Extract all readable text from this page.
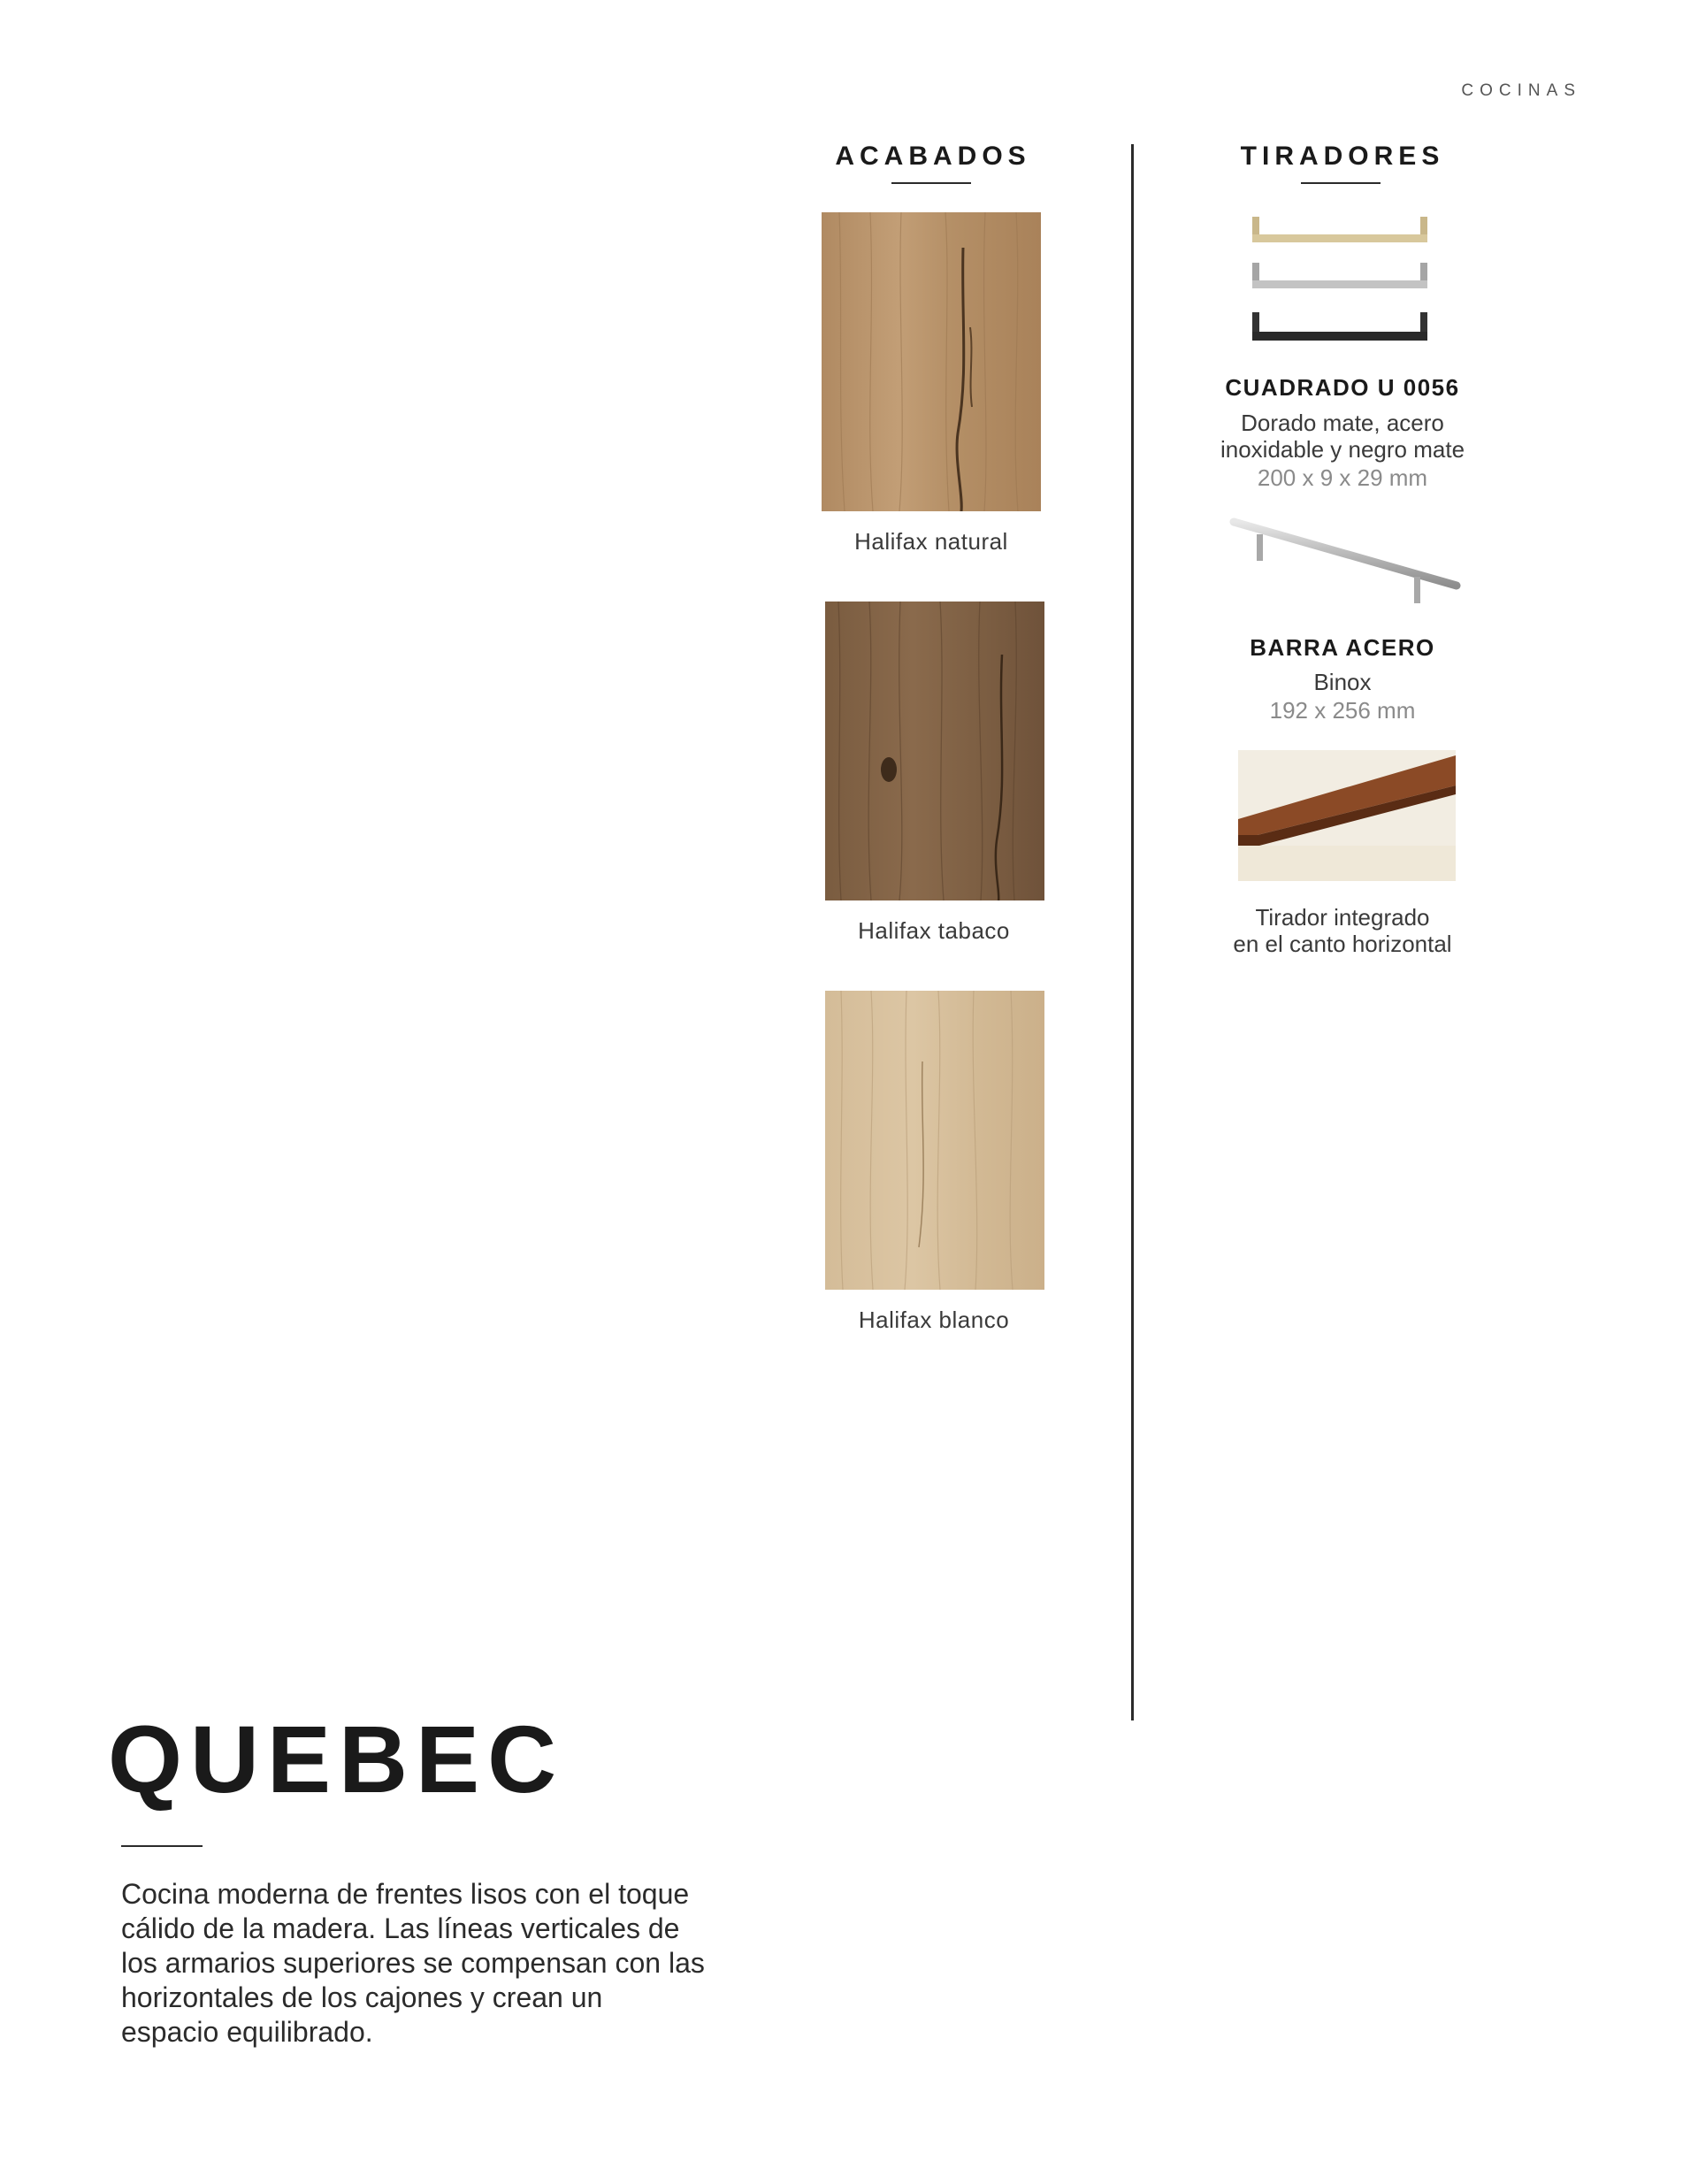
COCINAS
ACABADOS	TIRADORES
Halifax natural
Halifax tabaco
Halifax blanco
CUADRADO U 0056
Dorado mate, acero
inoxidable y negro mate
200 x 9 x 29 mm
BARRA ACERO
Binox
192 x 256 mm
Tirador integrado
en el canto horizontal
QUEBEC
Cocina moderna de frentes lisos con el toque cálido de la madera. Las líneas verticales de los armarios superiores se compensan con las horizontales de los cajones y crean un espacio equilibrado.
